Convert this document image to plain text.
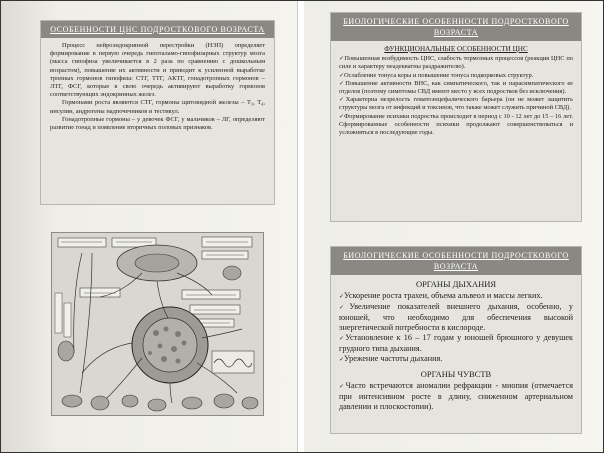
ОСОБЕННОСТИ ЦНС ПОДРОСТКОВОГО ВОЗРАСТА

Процесс нейроэндокринной перестройки (НЭП) определяет формирование в первую очередь гипоталамо-гипофизарных структур мозга (масса гипофиза увеличивается в 2 раза по сравнению с дошкольным возрастом), повышение их активности и приводит к усиленной выработке тропных гормонов гипофиза: СТГ, ТТГ, АКТГ, гонадотропных гормонов – ЛТГ, ФСГ, которые в свою очередь активируют выработку гормонов соответствующих эндокринных желез.

Гормонами роста являются СТГ, гормоны щитовидной железы – Т₃, Т₄, инсулин, андрогены надпочечников и тестикул.

Гонадотропные гормоны – у девочек ФСГ, у мальчиков – ЛГ, определяют развитие гонад и появление вторичных половых признаков.

БИОЛОГИЧЕСКИЕ ОСОБЕННОСТИ ПОДРОСТКОВОГО ВОЗРАСТА
ФУНКЦИОНАЛЬНЫЕ ОСОБЕННОСТИ ЦНС

✓Повышенная возбудимость ЦНС, слабость тормозных процессов (реакция ЦНС по силе и характеру неадекватны раздражителю).

✓Ослабление тонуса коры и повышение тонуса подкорковых структур.

✓Повышение активности ВНС, как симпатического, так и парасимпатического ее отделов (поэтому симптомы СВД имеют место у всех подростков без исключения).

✓Характерна незрелость гематоэнцефалического барьера (он не может защитить структуры мозга от инфекций и токсинов, что также может служить причиной СВД).

✓Формирование психики подростка происходит в период с 10 - 12 лет до 15 – 16 лет. Сформированные особенности психики продолжают совершенствоваться и усложняться в последующие годы.

БИОЛОГИЧЕСКИЕ ОСОБЕННОСТИ ПОДРОСТКОВОГО ВОЗРАСТА
ОРГАНЫ ДЫХАНИЯ

✓Ускорение роста трахеи, объема альвеол и массы легких.

✓Увеличение показателей внешнего дыхания, особенно, у юношей, что необходимо для обеспечения высокой энергетической потребности в кислороде.

✓Установление к 16 – 17 годам у юношей брюшного у девушек грудного типа дыхания.

✓Урежение частоты дыхания.

ОРГАНЫ ЧУВСТВ

✓Часто встречаются аномалии рефракции - миопия (отмечается при интенсивном росте в длину, сниженном артериальном давлении и плоскостопии).
